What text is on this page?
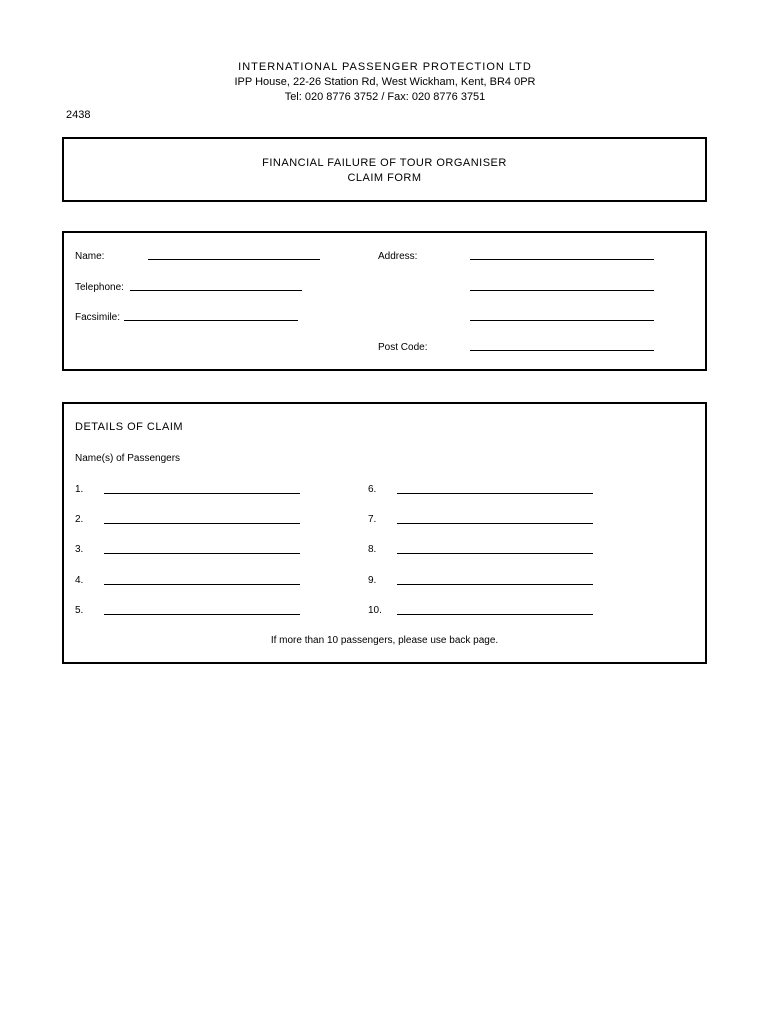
INTERNATIONAL PASSENGER PROTECTION LTD
IPP House, 22-26 Station Rd, West Wickham, Kent, BR4 0PR
Tel: 020 8776 3752 / Fax: 020 8776 3751
2438
FINANCIAL FAILURE OF TOUR ORGANISER
CLAIM FORM
Name:
Telephone:
Facsimile:
Address:
Post Code:
DETAILS OF CLAIM
Name(s) of Passengers
1.
2.
3.
4.
5.
6.
7.
8.
9.
10.
If more than 10 passengers, please use back page.
